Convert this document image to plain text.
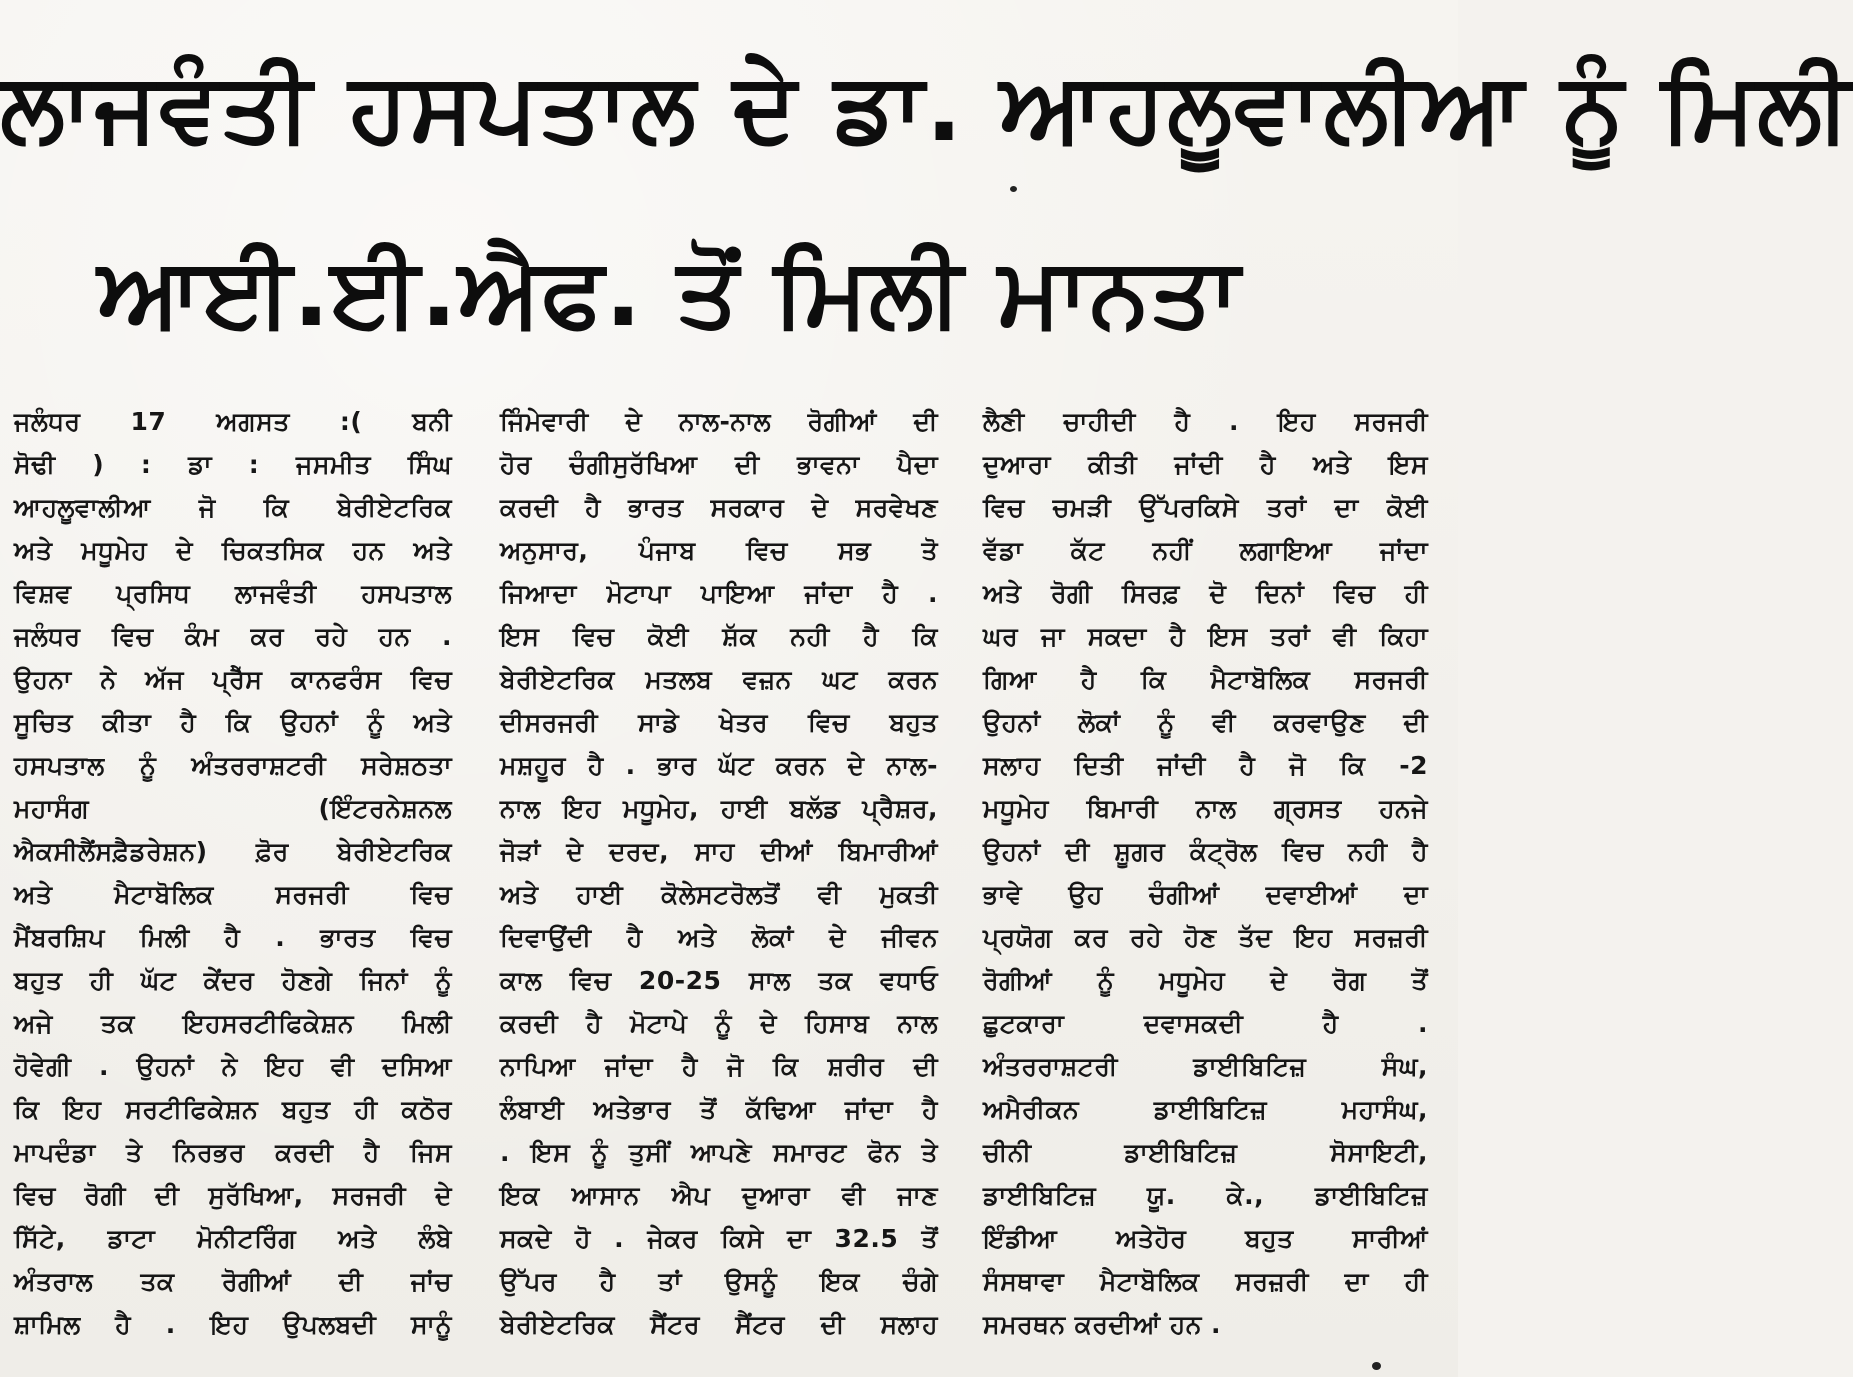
ਲਾਜਵੰਤੀ ਹਸਪਤਾਲ ਦੇ ਡਾ. ਆਹਲੂਵਾਲੀਆ ਨੂੰ ਮਿਲੀ
ਆਈ.ਈ.ਐਫ. ਤੋਂ ਮਿਲੀ ਮਾਨਤਾ
ਜਲੰਧਰ 17 ਅਗਸਤ :( ਬਨੀ
ਸੋਢੀ ) : ਡਾ : ਜਸਮੀਤ ਸਿੰਘ
ਆਹਲੂਵਾਲੀਆ ਜੋ ਕਿ ਬੇਰੀਏਟਰਿਕ
ਅਤੇ ਮਧੂਮੇਹ ਦੇ ਚਿਕਤਸਿਕ ਹਨ ਅਤੇ
ਵਿਸ਼ਵ ਪ੍ਰਸਿਧ ਲਾਜਵੰਤੀ ਹਸਪਤਾਲ
ਜਲੰਧਰ ਵਿਚ ਕੰਮ ਕਰ ਰਹੇ ਹਨ .
ਉਹਨਾ ਨੇ ਅੱਜ ਪ੍ਰੈੱਸ ਕਾਨਫਰੰਸ ਵਿਚ
ਸੂਚਿਤ ਕੀਤਾ ਹੈ ਕਿ ਉਹਨਾਂ ਨੂੰ ਅਤੇ
ਹਸਪਤਾਲ ਨੂੰ ਅੰਤਰਰਾਸ਼ਟਰੀ ਸਰੇਸ਼ਠਤਾ
ਮਹਾਸੰਗ (ਇੰਟਰਨੇਸ਼ਨਲ
ਐਕਸੀਲੈਂਸਫ਼ੈਡਰੇਸ਼ਨ) ਫ਼ੋਰ ਬੇਰੀਏਟਰਿਕ
ਅਤੇ ਮੈਟਾਬੋਲਿਕ ਸਰਜਰੀ ਵਿਚ
ਮੈਂਬਰਸ਼ਿਪ ਮਿਲੀ ਹੈ . ਭਾਰਤ ਵਿਚ
ਬਹੁਤ ਹੀ ਘੱਟ ਕੇਂਦਰ ਹੋਣਗੇ ਜਿਨਾਂ ਨੂੰ
ਅਜੇ ਤਕ ਇਹਸਰਟੀਫਿਕੇਸ਼ਨ ਮਿਲੀ
ਹੋਵੇਗੀ . ਉਹਨਾਂ ਨੇ ਇਹ ਵੀ ਦਸਿਆ
ਕਿ ਇਹ ਸਰਟੀਫਿਕੇਸ਼ਨ ਬਹੁਤ ਹੀ ਕਠੋਰ
ਮਾਪਦੰਡਾ ਤੇ ਨਿਰਭਰ ਕਰਦੀ ਹੈ ਜਿਸ
ਵਿਚ ਰੋਗੀ ਦੀ ਸੁਰੱਖਿਆ, ਸਰਜਰੀ ਦੇ
ਸਿੱਟੇ, ਡਾਟਾ ਮੋਨੀਟਰਿੰਗ ਅਤੇ ਲੰਬੇ
ਅੰਤਰਾਲ ਤਕ ਰੋਗੀਆਂ ਦੀ ਜਾਂਚ
ਸ਼ਾਮਿਲ ਹੈ . ਇਹ ਉਪਲਬਦੀ ਸਾਨੂੰ
ਜਿੰਮੇਵਾਰੀ ਦੇ ਨਾਲ-ਨਾਲ ਰੋਗੀਆਂ ਦੀ
ਹੋਰ ਚੰਗੀਸੁਰੱਖਿਆ ਦੀ ਭਾਵਨਾ ਪੈਦਾ
ਕਰਦੀ ਹੈ ਭਾਰਤ ਸਰਕਾਰ ਦੇ ਸਰਵੇਖਣ
ਅਨੁਸਾਰ, ਪੰਜਾਬ ਵਿਚ ਸਭ ਤੋ
ਜਿਆਦਾ ਮੋਟਾਪਾ ਪਾਇਆ ਜਾਂਦਾ ਹੈ .
ਇਸ ਵਿਚ ਕੋਈ ਸ਼ੱਕ ਨਹੀ ਹੈ ਕਿ
ਬੇਰੀਏਟਰਿਕ ਮਤਲਬ ਵਜ਼ਨ ਘਟ ਕਰਨ
ਦੀਸਰਜਰੀ ਸਾਡੇ ਖੇਤਰ ਵਿਚ ਬਹੁਤ
ਮਸ਼ਹੂਰ ਹੈ . ਭਾਰ ਘੱਟ ਕਰਨ ਦੇ ਨਾਲ-
ਨਾਲ ਇਹ ਮਧੂਮੇਹ, ਹਾਈ ਬਲੱਡ ਪ੍ਰੈਸ਼ਰ,
ਜੋੜਾਂ ਦੇ ਦਰਦ, ਸਾਹ ਦੀਆਂ ਬਿਮਾਰੀਆਂ
ਅਤੇ ਹਾਈ ਕੋਲੇਸਟਰੋਲਤੋਂ ਵੀ ਮੁਕਤੀ
ਦਿਵਾਉਂਦੀ ਹੈ ਅਤੇ ਲੋਕਾਂ ਦੇ ਜੀਵਨ
ਕਾਲ ਵਿਚ 20-25 ਸਾਲ ਤਕ ਵਧਾਓ
ਕਰਦੀ ਹੈ ਮੋਟਾਪੇ ਨੂੰ ਦੇ ਹਿਸਾਬ ਨਾਲ
ਨਾਪਿਆ ਜਾਂਦਾ ਹੈ ਜੋ ਕਿ ਸ਼ਰੀਰ ਦੀ
ਲੰਬਾਈ ਅਤੇਭਾਰ ਤੋਂ ਕੱਢਿਆ ਜਾਂਦਾ ਹੈ
. ਇਸ ਨੂੰ ਤੁਸੀਂ ਆਪਣੇ ਸਮਾਰਟ ਫੋਨ ਤੇ
ਇਕ ਆਸਾਨ ਐਪ ਦੁਆਰਾ ਵੀ ਜਾਣ
ਸਕਦੇ ਹੋ . ਜੇਕਰ ਕਿਸੇ ਦਾ 32.5 ਤੋਂ
ਉੱਪਰ ਹੈ ਤਾਂ ਉਸਨੂੰ ਇਕ ਚੰਗੇ
ਬੇਰੀਏਟਰਿਕ ਸੈਂਟਰ ਸੈਂਟਰ ਦੀ ਸਲਾਹ
ਲੈਣੀ ਚਾਹੀਦੀ ਹੈ . ਇਹ ਸਰਜਰੀ
ਦੁਆਰਾ ਕੀਤੀ ਜਾਂਦੀ ਹੈ ਅਤੇ ਇਸ
ਵਿਚ ਚਮੜੀ ਉੱਪਰਕਿਸੇ ਤਰਾਂ ਦਾ ਕੋਈ
ਵੱਡਾ ਕੱਟ ਨਹੀਂ ਲਗਾਇਆ ਜਾਂਦਾ
ਅਤੇ ਰੋਗੀ ਸਿਰਫ਼ ਦੋ ਦਿਨਾਂ ਵਿਚ ਹੀ
ਘਰ ਜਾ ਸਕਦਾ ਹੈ ਇਸ ਤਰਾਂ ਵੀ ਕਿਹਾ
ਗਿਆ ਹੈ ਕਿ ਮੈਟਾਬੋਲਿਕ ਸਰਜਰੀ
ਉਹਨਾਂ ਲੋਕਾਂ ਨੂੰ ਵੀ ਕਰਵਾਉਣ ਦੀ
ਸਲਾਹ ਦਿਤੀ ਜਾਂਦੀ ਹੈ ਜੋ ਕਿ -2
ਮਧੂਮੇਹ ਬਿਮਾਰੀ ਨਾਲ ਗ੍ਰਸਤ ਹਨਜੇ
ਉਹਨਾਂ ਦੀ ਸ਼ੂਗਰ ਕੰਟ੍ਰੋਲ ਵਿਚ ਨਹੀ ਹੈ
ਭਾਵੇ ਉਹ ਚੰਗੀਆਂ ਦਵਾਈਆਂ ਦਾ
ਪ੍ਰਯੋਗ ਕਰ ਰਹੇ ਹੋਣ ਤੱਦ ਇਹ ਸਰਜ਼ਰੀ
ਰੋਗੀਆਂ ਨੂੰ ਮਧੂਮੇਹ ਦੇ ਰੋਗ ਤੋਂ
ਛੁਟਕਾਰਾ ਦਵਾਸਕਦੀ ਹੈ .
ਅੰਤਰਰਾਸ਼ਟਰੀ ਡਾਈਬਿਟਿਜ਼ ਸੰਘ,
ਅਮੈਰੀਕਨ ਡਾਈਬਿਟਿਜ਼ ਮਹਾਸੰਘ,
ਚੀਨੀ ਡਾਈਬਿਟਿਜ਼ ਸੋਸਾਇਟੀ,
ਡਾਈਬਿਟਿਜ਼ ਯੂ. ਕੇ., ਡਾਈਬਿਟਿਜ਼
ਇੰਡੀਆ ਅਤੇਹੋਰ ਬਹੁਤ ਸਾਰੀਆਂ
ਸੰਸਥਾਵਾ ਮੈਟਾਬੋਲਿਕ ਸਰਜ਼ਰੀ ਦਾ ਹੀ
ਸਮਰਥਨ ਕਰਦੀਆਂ ਹਨ .
